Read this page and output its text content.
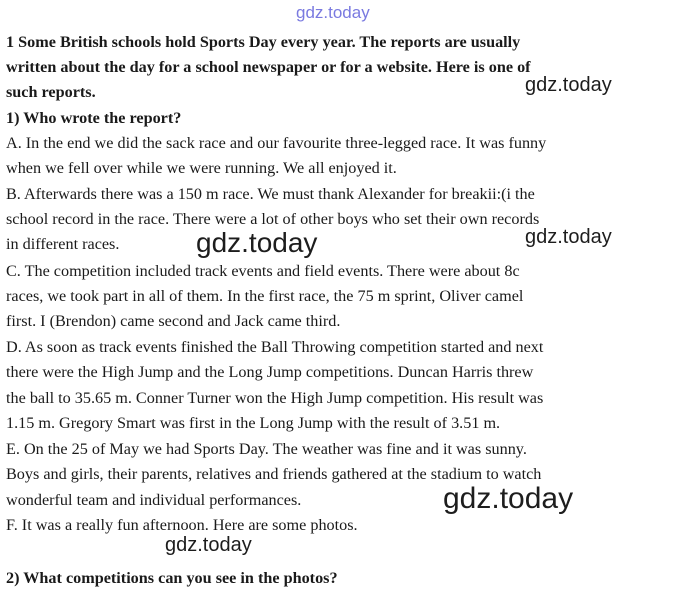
gdz.today
1 Some British schools hold Sports Day every year. The reports are usually
written about the day for a school newspaper or for a website. Here is one of
such reports.
1) Who wrote the report?
A. In the end we did the sack race and our favourite three-legged race. It was funny
when we fell over while we were running. We all enjoyed it.
B. Afterwards there was a 150 m race. We must thank Alexander for breakii:(i the
school record in the race. There were a lot of other boys who set their own records
in different races.
C. The competition included track events and field events. There were about 8c
races, we took part in all of them. In the first race, the 75 m sprint, Oliver camel
first. I (Brendon) came second and Jack came third.
D. As soon as track events finished the Ball Throwing competition started and next
there were the High Jump and the Long Jump competitions. Duncan Harris threw
the ball to 35.65 m. Conner Turner won the High Jump competition. His result was
1.15 m. Gregory Smart was first in the Long Jump with the result of 3.51 m.
E. On the 25 of May we had Sports Day. The weather was fine and it was sunny.
Boys and girls, their parents, relatives and friends gathered at the stadium to watch
wonderful team and individual performances.
F. It was a really fun afternoon. Here are some photos.
2) What competitions can you see in the photos?
gdz.today
gdz.today	gdz.today
gdz.today
gdz.today
